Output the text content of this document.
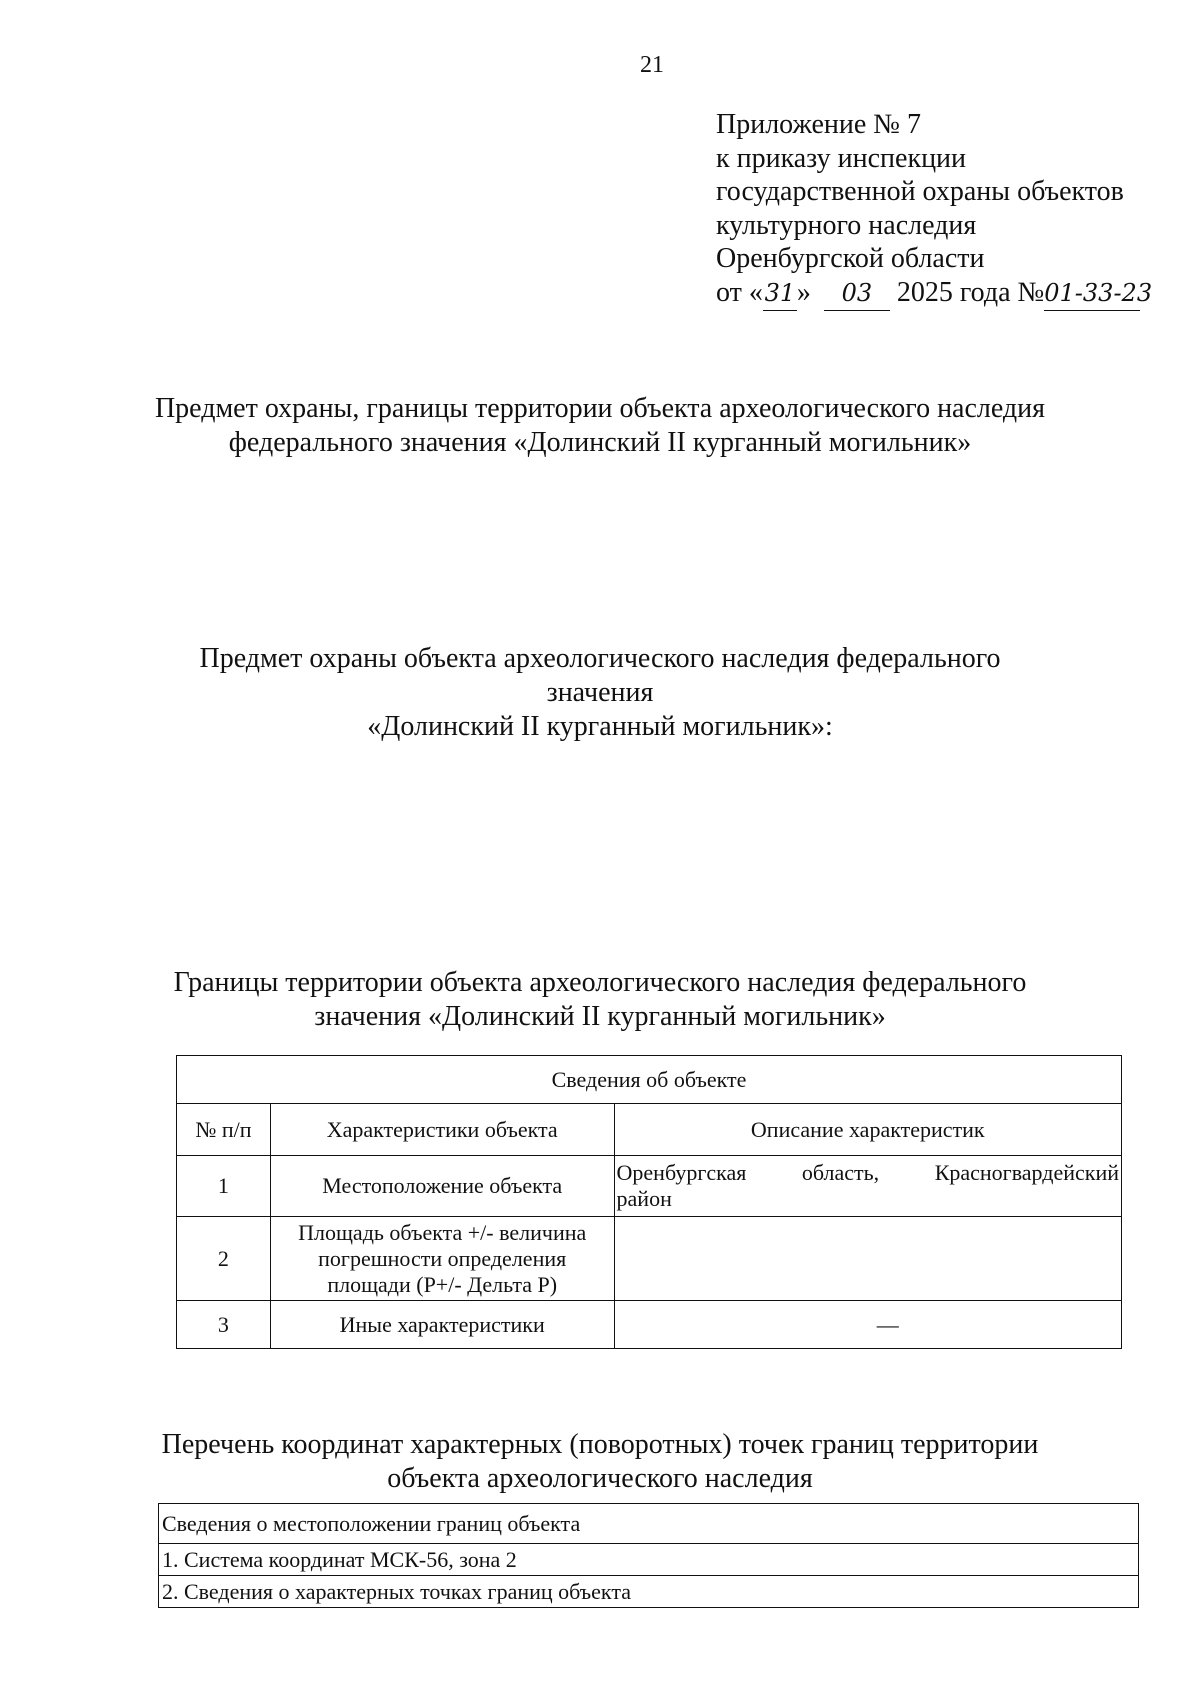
21
Приложение № 7
к приказу инспекции
государственной охраны объектов
культурного наследия
Оренбургской области
от «31» 03 2025 года №01-33-23
Предмет охраны, границы территории объекта археологического наследия
федерального значения «Долинский II курганный могильник»
Предмет охраны объекта археологического наследия федерального значения
«Долинский II курганный могильник»:
Границы территории объекта археологического наследия федерального
значения «Долинский II курганный могильник»
Сведения об объекте		
№ п/п	Характеристики объекта	Описание характеристик
1	Местоположение объекта	Оренбургская область, Красногвардейский
район

2	Площадь объекта +/- величина погрешности определения площади (Р+/- Дельта Р)	
3	Иные характеристики	—
Перечень координат характерных (поворотных) точек границ территории
объекта археологического наследия
Сведения о местоположении границ объекта
1. Система координат МСК-56, зона 2
2. Сведения о характерных точках границ объекта
